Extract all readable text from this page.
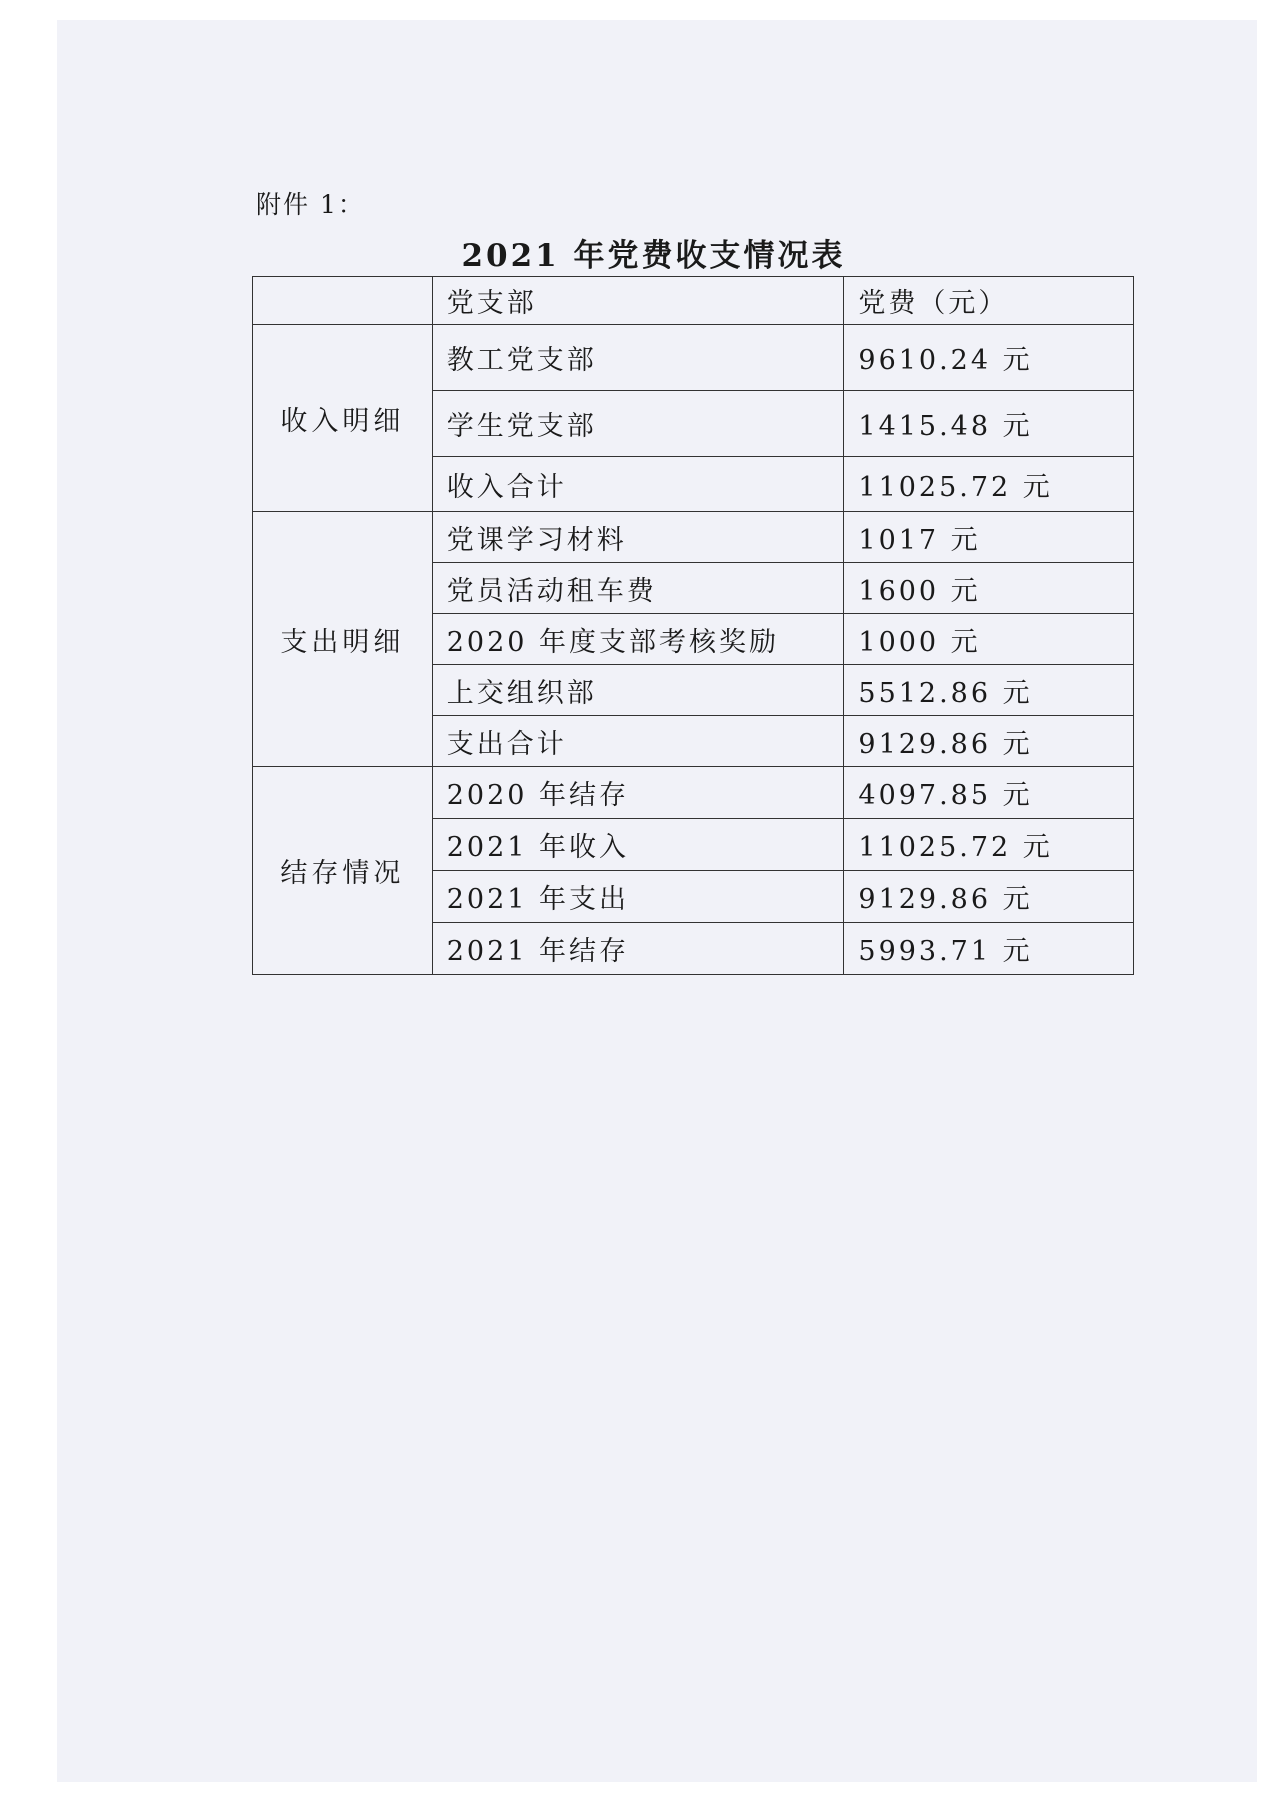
附件 1：
2021 年党费收支情况表
	党支部	党费（元）
收入明细	教工党支部	9610.24 元
	学生党支部	1415.48 元
	收入合计	11025.72 元
支出明细	党课学习材料	1017 元
	党员活动租车费	1600 元
	2020 年度支部考核奖励	1000 元
	上交组织部	5512.86 元
	支出合计	9129.86 元
结存情况	2020 年结存	4097.85 元
	2021 年收入	11025.72 元
	2021 年支出	9129.86 元
	2021 年结存	5993.71 元
